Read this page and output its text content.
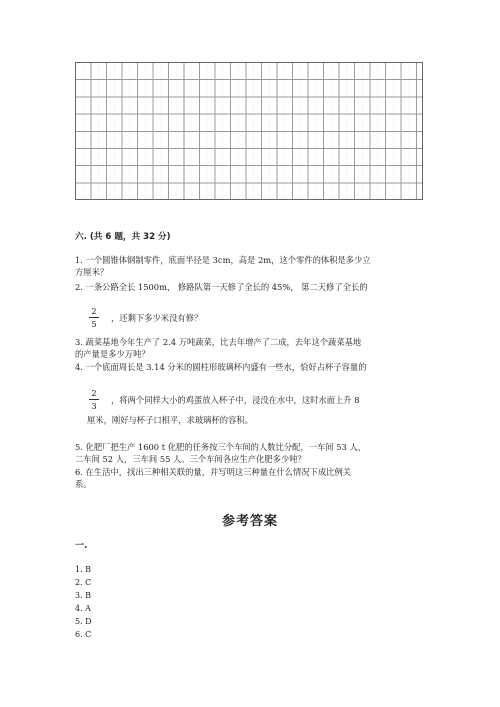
六. (共 6 题，共 32 分)
1. 一个圆锥体钢制零件，底面半径是 3cm，高是 2m，这个零件的体积是多少立
方厘米？
2. 一条公路全长 1500m， 修路队第一天修了全长的 45%， 第二天修了全长的
2
5
，还剩下多少米没有修？
3. 蔬菜基地今年生产了 2.4 万吨蔬菜，比去年增产了二成，去年这个蔬菜基地
的产量是多少万吨？
4. 一个底面周长是 3.14 分米的圆柱形玻璃杯内盛有一些水，恰好占杯子容量的
2
3
，将两个同样大小的鸡蛋放入杯子中，浸没在水中，这时水面上升 8
厘米，刚好与杯子口相平，求玻璃杯的容积。
5. 化肥厂把生产 1600 t 化肥的任务按三个车间的人数比分配，一车间 53 人，
二车间 52 人，三车间 55 人。三个车间各应生产化肥多少吨？
6. 在生活中，找出三种相关联的量，并写明这三种量在什么情况下成比例关
系。
参考答案
一.
1. B
2. C
3. B
4. A
5. D
6. C
